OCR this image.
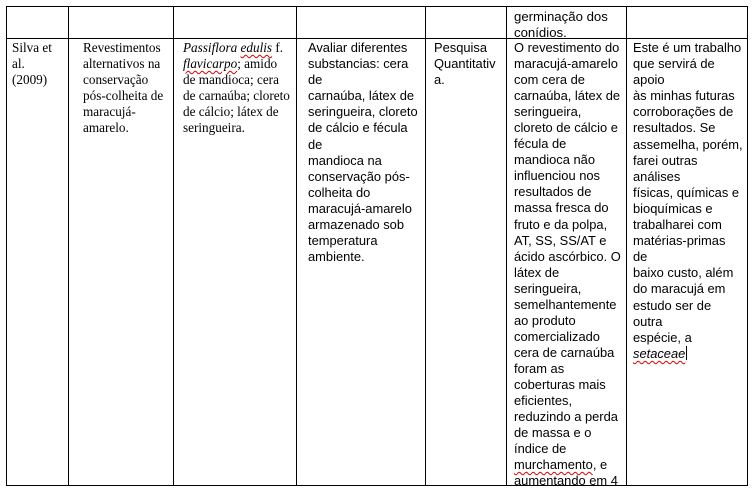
germinação dos
conídios.
Silva et
al.
(2009)
Revestimentos
alternativos na
conservação
pós-colheita de
maracujá-
amarelo.
Passiflora edulis f.
flavicarpo; amido
de mandioca; cera
de carnaúba; cloreto
de cálcio; látex de
seringueira.
Avaliar diferentes
substancias: cera de
carnaúba, látex de
seringueira, cloreto
de cálcio e fécula de
mandioca na
conservação pós-
colheita do
maracujá-amarelo
armazenado sob
temperatura
ambiente.
Pesquisa
Quantitativ
a.
O revestimento do
maracujá-amarelo
com cera de
carnaúba, látex de
seringueira,
cloreto de cálcio e
fécula de
mandioca não
influenciou nos
resultados de
massa fresca do
fruto e da polpa,
AT, SS, SS/AT e
ácido ascórbico. O
látex de
seringueira,
semelhantemente
ao produto
comercializado
cera de carnaúba
foram as
coberturas mais
eficientes,
reduzindo a perda
de massa e o
índice de
murchamento, e
aumentando em 4
Este é um trabalho
que servirá de apoio
às minhas futuras
corroborações de
resultados. Se
assemelha, porém,
farei outras análises
físicas, químicas e
bioquímicas e
trabalharei com
matérias-primas de
baixo custo, além
do maracujá em
estudo ser de outra
espécie, a setaceae
